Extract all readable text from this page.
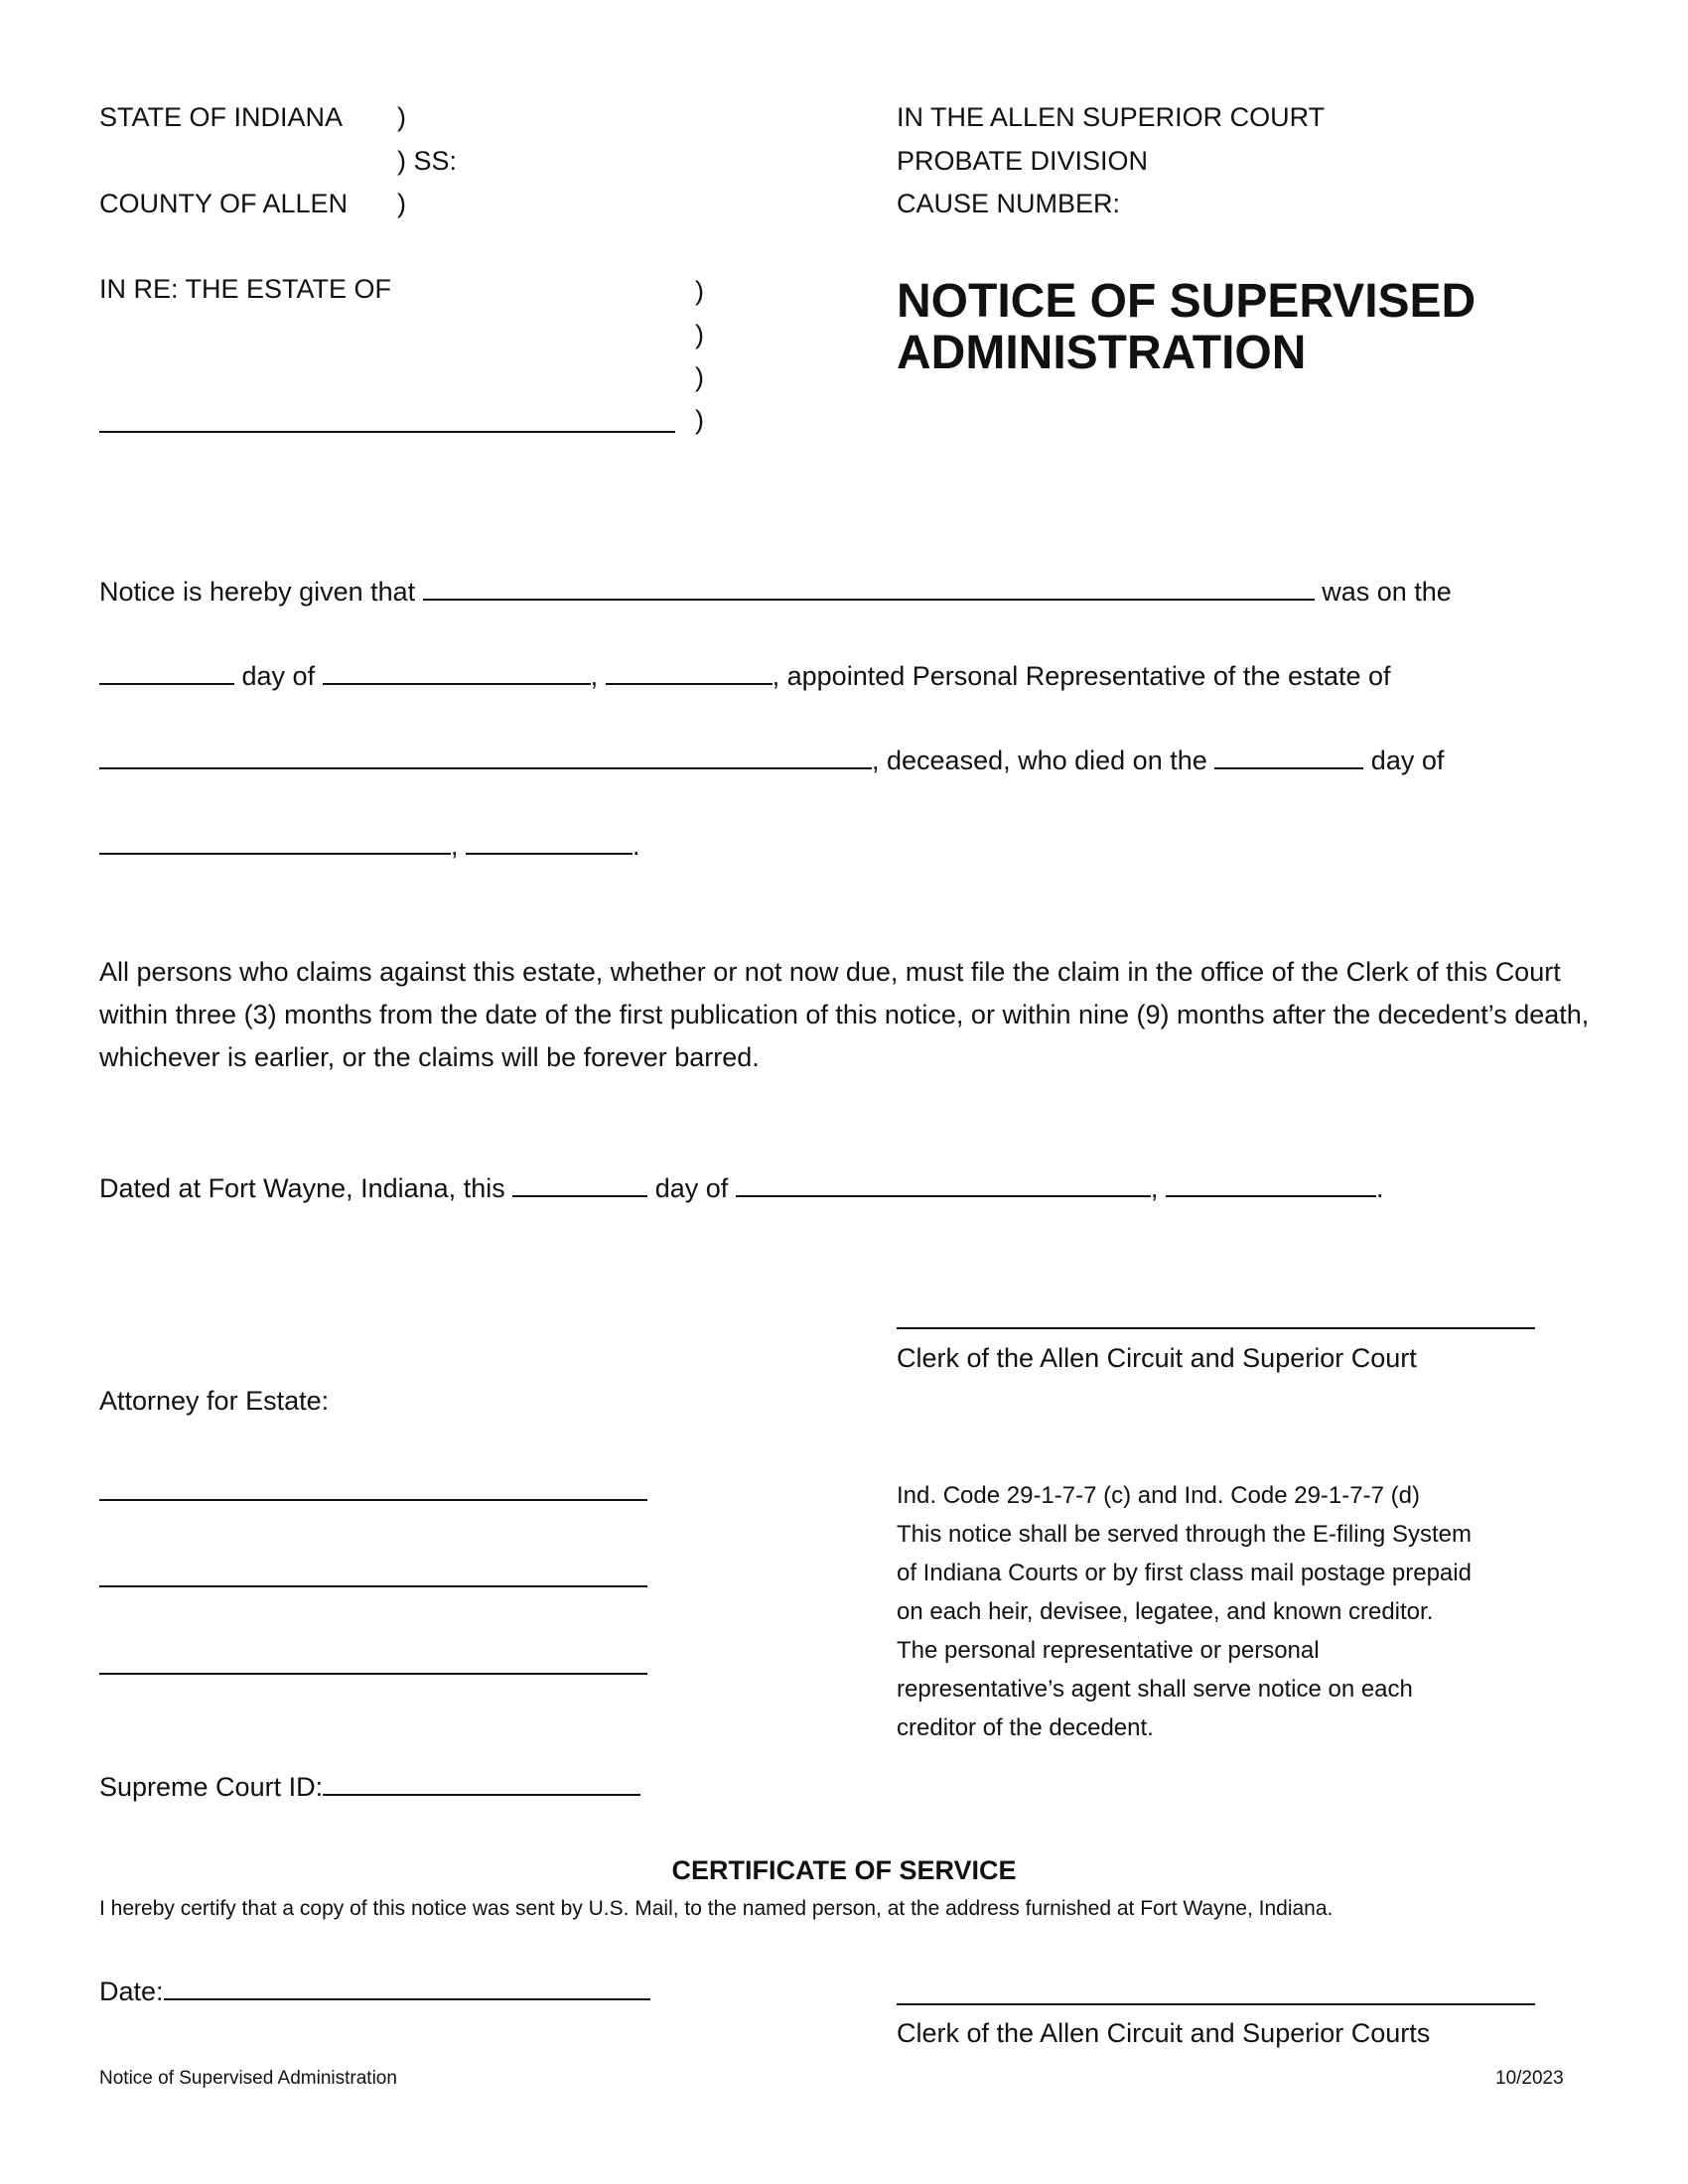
STATE OF INDIANA )
) SS:
COUNTY OF ALLEN )
IN THE ALLEN SUPERIOR COURT
PROBATE DIVISION
CAUSE NUMBER:
IN RE: THE ESTATE OF	)
)
)
)
NOTICE OF SUPERVISED
ADMINISTRATION
Notice is hereby given that	was on the
day of	,	, appointed Personal Representative of the estate of
, deceased, who died on the	day of
,	.
All persons who claims against this estate, whether or not now due, must file the claim in the office of the Clerk of this Court within three (3) months from the date of the first publication of this notice, or within nine (9) months after the decedent’s death, whichever is earlier, or the claims will be forever barred.
Dated at Fort Wayne, Indiana, this	day of	,	.
Clerk of the Allen Circuit and Superior Court
Attorney for Estate:
Ind. Code 29-1-7-7 (c) and Ind. Code 29-1-7-7 (d)
This notice shall be served through the E-filing System
of Indiana Courts or by first class mail postage prepaid
on each heir, devisee, legatee, and known creditor.
The personal representative or personal
representative’s agent shall serve notice on each
creditor of the decedent.
Supreme Court ID:
CERTIFICATE OF SERVICE
I hereby certify that a copy of this notice was sent by U.S. Mail, to the named person, at the address furnished at Fort Wayne, Indiana.
Date:
Clerk of the Allen Circuit and Superior Courts
Notice of Supervised Administration	10/2023
